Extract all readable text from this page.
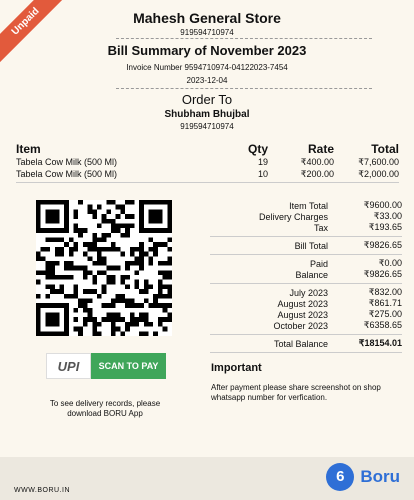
Unpaid	Mahesh General Store
919594710974
Bill Summary of November 2023
Invoice Number 9594710974-04122023-7454
2023-12-04
Order To
Shubham Bhujbal
919594710974
Item	Qty	Rate	Total
Tabela Cow Milk (500 Ml)	19	₹400.00	₹7,600.00
Tabela Cow Milk (500 Ml)	10	₹200.00	₹2,000.00
UPI	SCAN TO PAY
To see delivery records, please download BORU App
Item Total	₹9600.00
Delivery Charges	₹33.00
Tax	₹193.65
Bill Total	₹9826.65
Paid	₹0.00
Balance	₹9826.65
July 2023	₹832.00
August 2023	₹861.71
August 2023	₹275.00
October 2023	₹6358.65
Total Balance	₹18154.01
Important
After payment please share screenshot on shop whatsapp number for verfication.
WWW.BORU.IN
6 Boru
